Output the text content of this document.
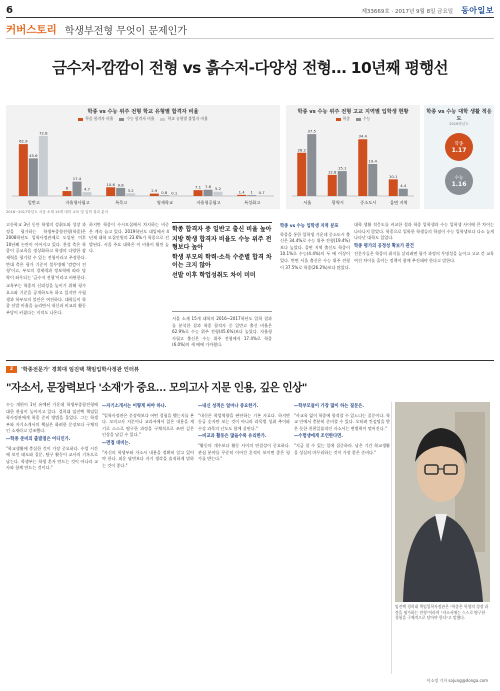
6	제33669호 · 2017년 9월 8일 금요일	동아일보
커버스토리 학생부전형 무엇이 문제인가
금수저-깜깜이 전형 vs 흙수저-다양성 전형… 10년째 평행선
학종 vs 수능 위주 전형 학교 유형별 합격자 비율
학종 합격자 비율	수능 합격자 비율	학교 유형별 졸업자 비율
62.9
45.6
72.8
일반고
6
17.4
4.7
자율형사립고
10.6 9.8
3.2
특목고
2.9 0.8 0.1
영재학교
7.1 7.6 5.2
자율형공립고
1.4 1 0.7
특성화고
학종 vs 수능 위주 전형 고교 지역별 입학생 현황
학종	수능
26.2
37.5
서울
12.8
15.1
광역시
34.4
19.4
중소도시
10.1
4.4
읍면 지역
학종 vs 수능 대학 생활 적응도
2016학년도
학종
1.17
수능
1.16
2016~2017학년도 서울 소재 15개 대학 교육 및 입학 결과 분석

고등학교 3년 동안 학생의 성취도와 성장 과정을 평가하는 학생부종합전형(학종)은 2008학년도 입학사정관제로 도입된 이후 10년째 논란이 이어지고 있다. 찬성 측은 학종이 공교육을 정상화하고 학생의 다양한 잠재력을 평가할 수 있는 전형이라고 주장한다. 반대 측은 평가 기준이 불투명해 '깜깜이 전형'이고, 부모의 경제력과 정보력에 따라 당락이 좌우되는 '금수저 전형'이라고 비판한다.

교육부는 학종의 신뢰성을 높이기 위해 평가 요소와 기준을 공개하도록 하고 있지만 수험생과 학부모의 불안은 여전하다. 대학들이 학종 선발 비율을 늘리면서 내신과 비교과 활동 부담이 커졌다는 지적도 나온다.

하지만 학종이 수시모집에서 차지하는 비중은 계속 늘고 있다. 2019학년도 대입에서 4년제 대학 모집인원의 23.6%가 학종으로 선발된다. 서울 주요 대학은 이 비율이 훨씬 높다.

학종 합격자 중 일반고 출신 비율 높아

지방 학생 합격자 비율도 수능 위주 전형보다 높아

학생 부모의 학력·소득 수준별 합격 차이는 크지 않아

선발 이후 학업성취도 차이 미미

서울 소재 15개 대학의 2016~2017학년도 입학 결과를 분석한 결과 학종 합격자 중 일반고 출신 비율은 62.9%로 수능 위주 전형(45.6%)보다 높았다. 자율형사립고 출신은 수능 위주 전형에서 17.4%로 학종(6.0%)의 세 배에 가까웠다.

학종 vs 수능 입학생 지역 분포

학종을 통한 입학생 가운데 중소도시 출신은 34.4%로 수능 위주 전형(19.4%)보다 높았다. 읍면 지역 출신도 학종이 10.1%로 수능(4.4%)의 두 배 이상이었다. 반면 서울 출신은 수능 위주 전형이 37.5%로 학종(26.2%)보다 많았다.

대학 생활 적응도를 비교한 결과 학종 입학생과 수능 입학생 사이에 큰 차이는 나타나지 않았다. 학종으로 입학한 학생들의 학점이 수능 입학생보다 다소 높게 나타난 대학도 있었다.

학종 평가의 공정성 확보가 관건

전문가들은 학종의 취지를 살리려면 평가 과정의 투명성을 높이고 고교 간 교육 여건 차이를 줄이는 정책이 함께 추진돼야 한다고 말한다.

2	'학종전문가' 경희대 임진택 책임입학사정관 인터뷰
"자소서, 문장력보다 '소재'가 중요… 모의고사 지문 인용, 깊은 인상"

수능 개편이 1년 유예된 가운데 학생부종합전형에 대한 관심이 높아지고 있다. 경희대 임진택 책임입학사정관에게 학종 준비 방법을 물었다. 그는 학생부와 자기소개서의 핵심은 화려한 문장보다 구체적인 소재라고 강조했다.

―학종 준비의 출발점은 어디인가.

"학교생활에 충실한 것이 가장 중요하다. 수업 시간에 보인 태도와 질문, 탐구 활동이 교사의 기록으로 남는다. 학생부는 학생 혼자 만드는 것이 아니라 교사와 함께 만드는 것이다."

―자기소개서는 어떻게 써야 하나.

"입학사정관은 문장력보다 어떤 경험을 했는지를 본다. 모의고사 지문이나 교과서에서 읽은 내용을 계기로 스스로 탐구한 과정을 구체적으로 쓰면 깊은 인상을 남길 수 있다."

―면접 대비는.

"자신의 학생부와 자소서 내용을 정확히 알고 있어야 한다. 외운 답변보다 자기 생각을 솔직하게 말하는 것이 좋다."

―내신 성적은 얼마나 중요한가.

"내신은 학업역량을 판단하는 기본 자료다. 하지만 등급 숫자만 보는 것이 아니라 과목별 성취 추이와 수강 과목의 난도도 함께 살핀다."

―비교과 활동은 많을수록 유리한가.

"활동의 개수보다 활동 사이의 연결성이 중요하다. 관심 분야를 꾸준히 이어간 흔적이 보이면 좋은 평가를 받는다."

―학부모들이 가장 많이 하는 질문은.

"사교육 없이 학종에 합격할 수 있느냐는 질문이다. 학교 안에서 충분히 준비할 수 있다. 오히려 컨설팅을 받은 듯한 천편일률적인 자소서는 변별력이 떨어진다."

―수험생에게 조언한다면.

"지금 할 수 있는 일에 집중하라. 남은 기간 학교생활을 성실히 마무리하는 것이 가장 좋은 준비다."

임진택 경희대 책임입학사정관은 "학종은 학생의 성장 과정을 평가하는 전형"이라며 "자소서에는 스스로 탐구한 경험을 구체적으로 담아야 한다"고 말했다.
이소정 기자 sojung@donga.com
